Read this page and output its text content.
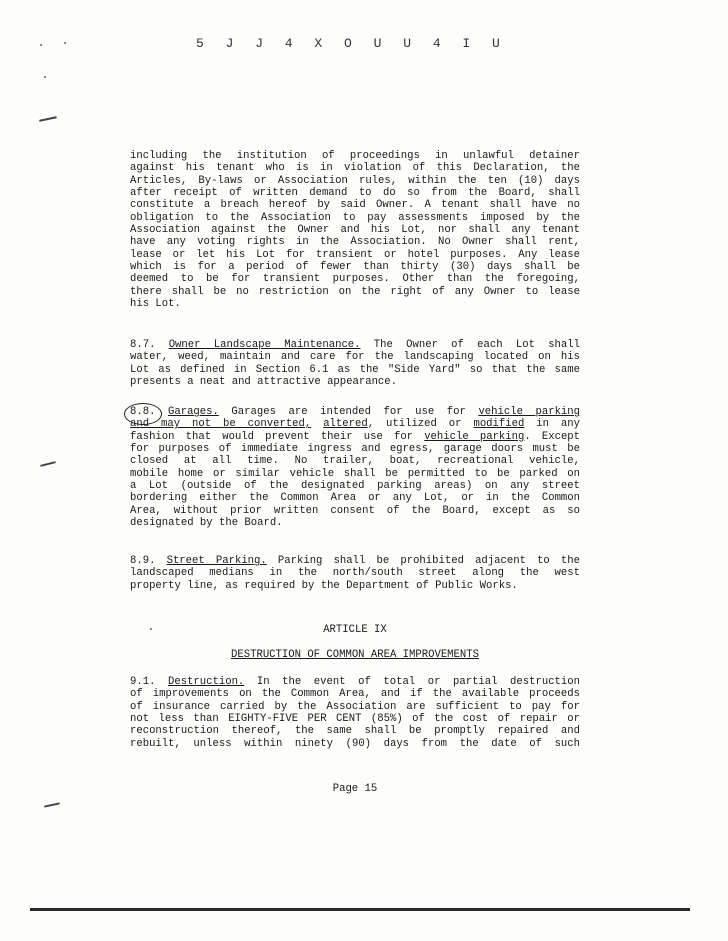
5 J J 4 X O U U 4 I U
including the institution of proceedings in unlawful detainer
against his tenant who is in violation of this Declaration, the
Articles, By-laws or Association rules, within the ten (10) days
after receipt of written demand to do so from the Board, shall
constitute a breach hereof by said Owner. A tenant shall have no
obligation to the Association to pay assessments imposed by the
Association against the Owner and his Lot, nor shall any tenant
have any voting rights in the Association. No Owner shall rent,
lease or let his Lot for transient or hotel purposes. Any lease
which is for a period of fewer than thirty (30) days shall be
deemed to be for transient purposes. Other than the foregoing,
there shall be no restriction on the right of any Owner to lease
his Lot.
8.7. Owner Landscape Maintenance. The Owner of each Lot shall
water, weed, maintain and care for the landscaping located on his
Lot as defined in Section 6.1 as the "Side Yard" so that the same
presents a neat and attractive appearance.
8.8. Garages. Garages are intended for use for vehicle parking
and may not be converted, altered, utilized or modified in any
fashion that would prevent their use for vehicle parking. Except
for purposes of immediate ingress and egress, garage doors must be
closed at all time. No trailer, boat, recreational vehicle,
mobile home or similar vehicle shall be permitted to be parked on
a Lot (outside of the designated parking areas) on any street
bordering either the Common Area or any Lot, or in the Common
Area, without prior written consent of the Board, except as so
designated by the Board.
8.9. Street Parking. Parking shall be prohibited adjacent to the
landscaped medians in the north/south street along the west
property line, as required by the Department of Public Works.
ARTICLE IX
DESTRUCTION OF COMMON AREA IMPROVEMENTS
9.1. Destruction. In the event of total or partial destruction
of improvements on the Common Area, and if the available proceeds
of insurance carried by the Association are sufficient to pay for
not less than EIGHTY-FIVE PER CENT (85%) of the cost of repair or
reconstruction thereof, the same shall be promptly repaired and
rebuilt, unless within ninety (90) days from the date of such
Page 15
